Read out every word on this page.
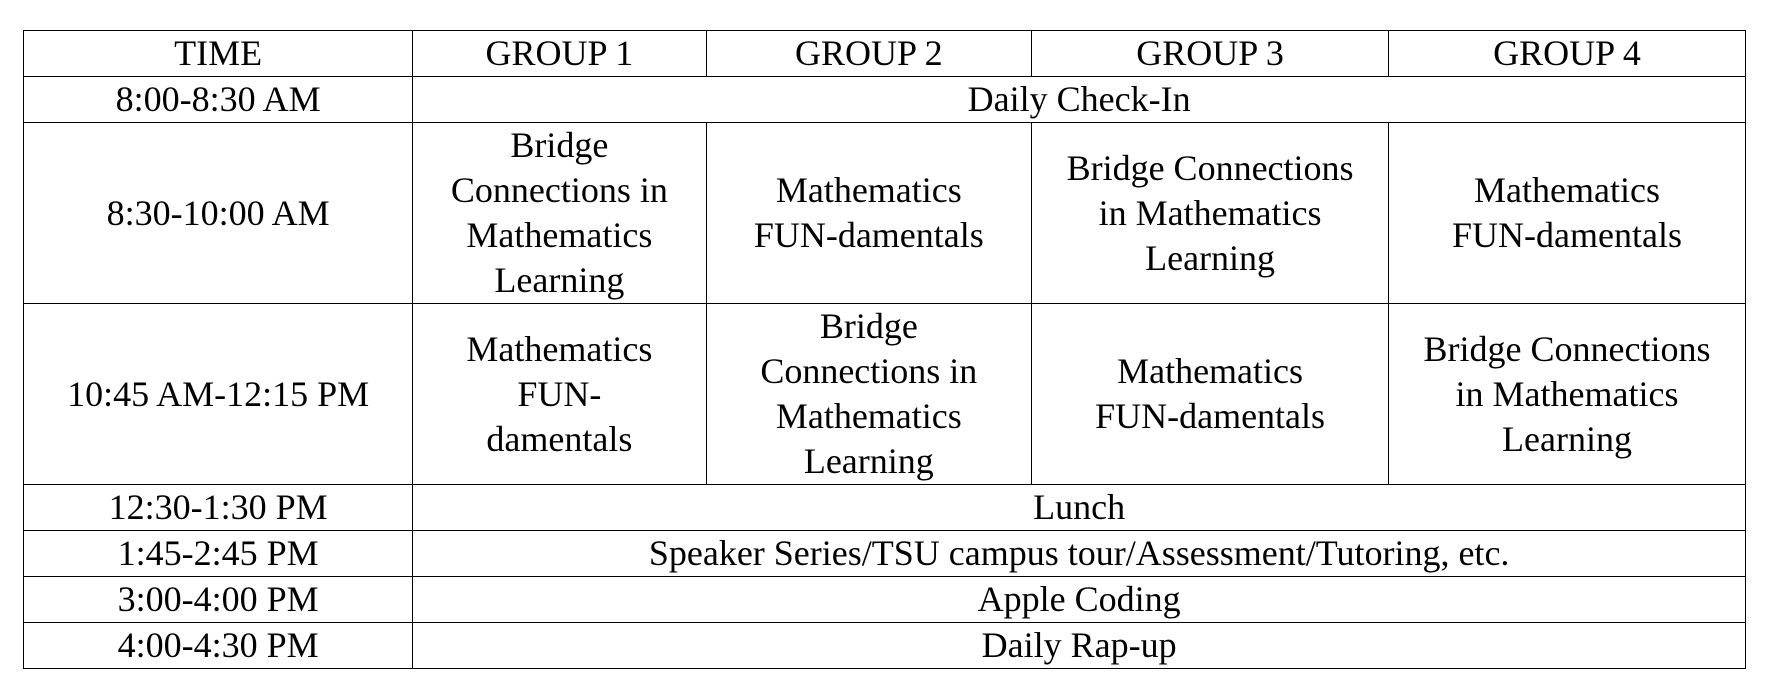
TIME	GROUP 1	GROUP 2	GROUP 3	GROUP 4
8:00-8:30 AM	Daily Check-In			
8:30-10:00 AM	Bridge
Connections in
Mathematics
Learning	Mathematics
FUN-damentals	Bridge Connections
in Mathematics
Learning	Mathematics
FUN-damentals

10:45 AM-12:15 PM	Mathematics
FUN-
damentals	Bridge
Connections in
Mathematics
Learning	Mathematics
FUN-damentals	Bridge Connections
in Mathematics
Learning

12:30-1:30 PM	Lunch			
1:45-2:45 PM	Speaker Series/TSU campus tour/Assessment/Tutoring, etc.			
3:00-4:00 PM	Apple Coding			
4:00-4:30 PM	Daily Rap-up			
